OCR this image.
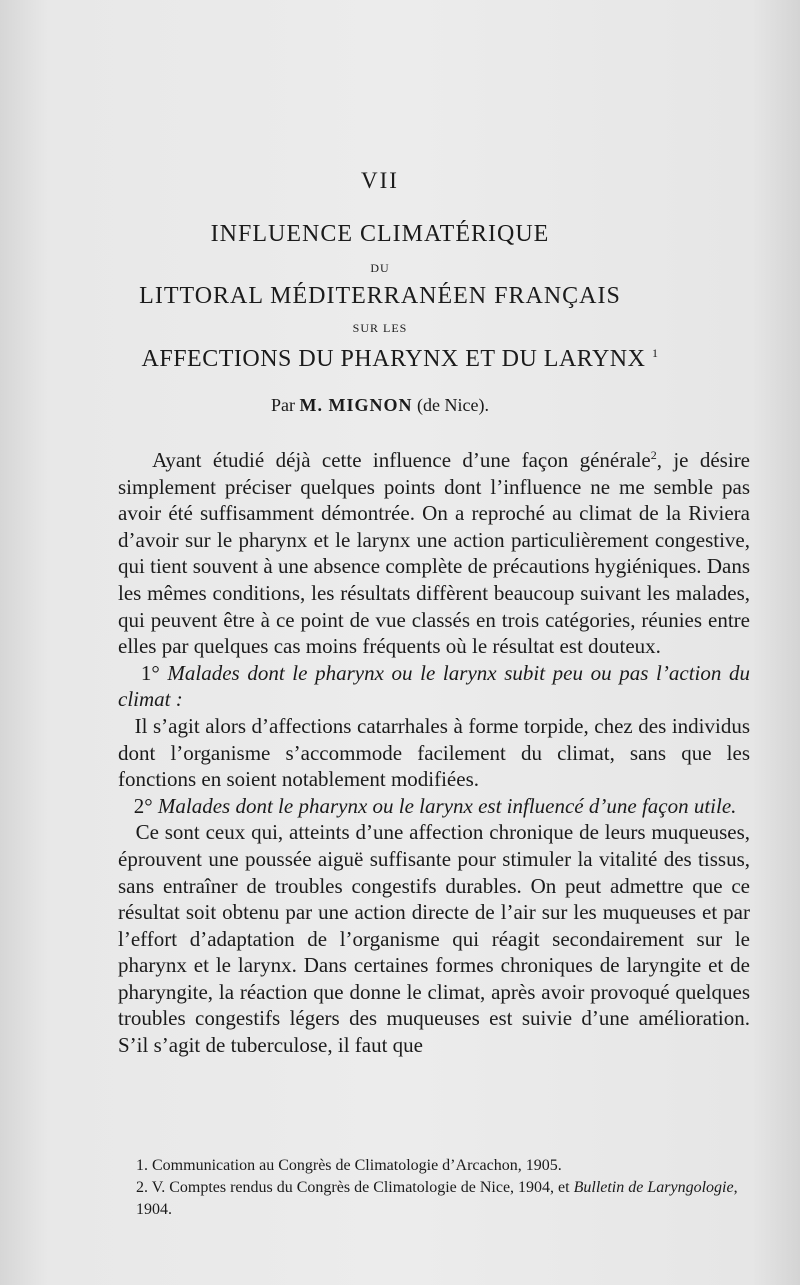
VII
INFLUENCE CLIMATÉRIQUE
DU
LITTORAL MÉDITERRANÉEN FRANÇAIS
SUR LES
AFFECTIONS DU PHARYNX ET DU LARYNX $^1$
Par M. MIGNON (de Nice).

Ayant étudié déjà cette influence d’une façon générale$^2$, je désire simplement préciser quelques points dont l’influence ne me semble pas avoir été suffisamment démontrée. On a reproché au climat de la Riviera d’avoir sur le pharynx et le larynx une action particulièrement congestive, qui tient souvent à une absence complète de précautions hygiéniques. Dans les mêmes conditions, les résultats diffèrent beaucoup suivant les malades, qui peuvent être à ce point de vue classés en trois catégories, réunies entre elles par quelques cas moins fréquents où le résultat est douteux.

1° Malades dont le pharynx ou le larynx subit peu ou pas l’action du climat :

Il s’agit alors d’affections catarrhales à forme torpide, chez des individus dont l’organisme s’accommode facilement du climat, sans que les fonctions en soient notablement modifiées.

2° Malades dont le pharynx ou le larynx est influencé d’une façon utile.

Ce sont ceux qui, atteints d’une affection chronique de leurs muqueuses, éprouvent une poussée aiguë suffisante pour stimuler la vitalité des tissus, sans entraîner de troubles congestifs durables. On peut admettre que ce résultat soit obtenu par une action directe de l’air sur les muqueuses et par l’effort d’adaptation de l’organisme qui réagit secondairement sur le pharynx et le larynx. Dans certaines formes chroniques de laryngite et de pharyngite, la réaction que donne le climat, après avoir provoqué quelques troubles congestifs légers des muqueuses est suivie d’une amélioration. S’il s’agit de tuberculose, il faut que

1. Communication au Congrès de Climatologie d’Arcachon, 1905.
2. V. Comptes rendus du Congrès de Climatologie de Nice, 1904, et Bulletin de Laryngologie, 1904.
